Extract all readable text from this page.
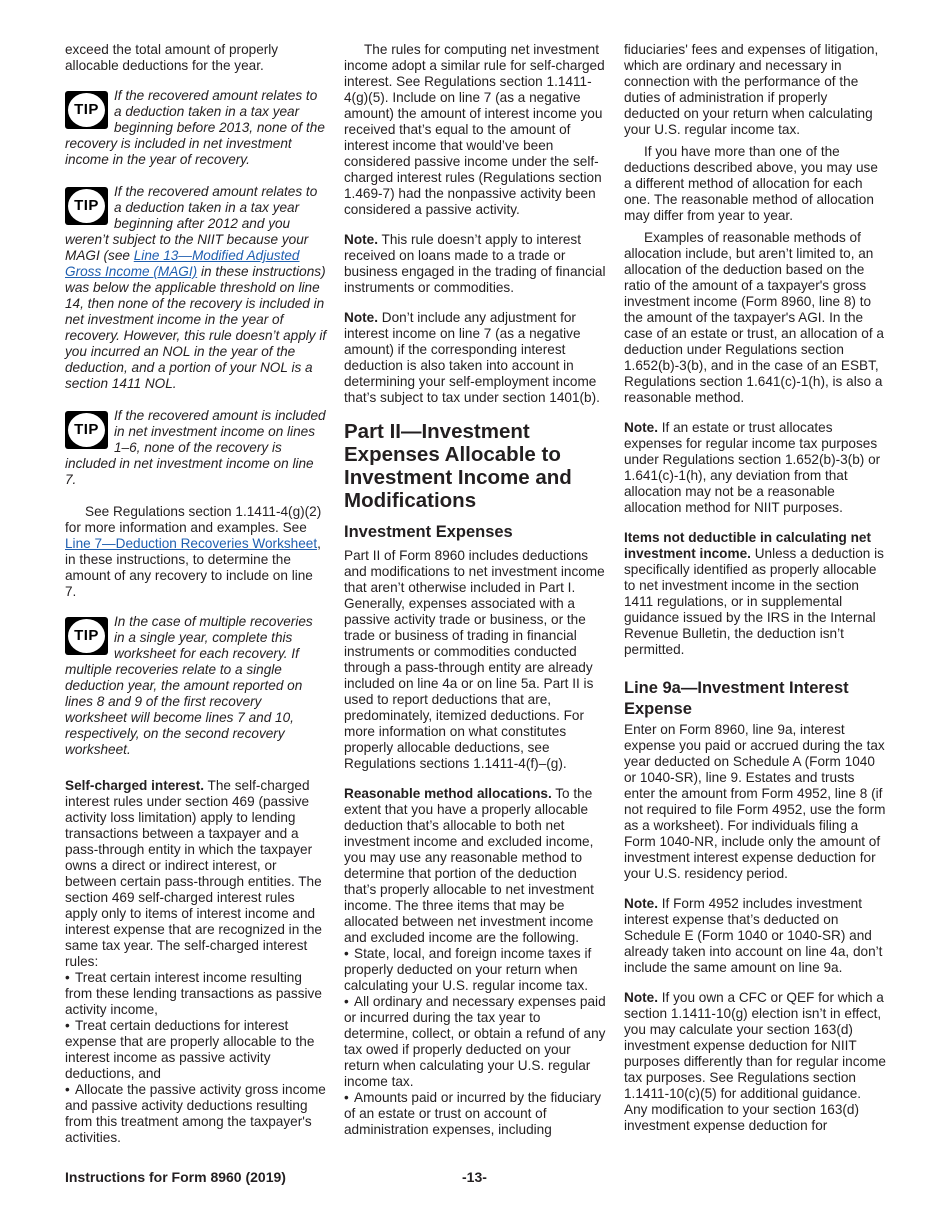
exceed the total amount of properly allocable deductions for the year.

TIP
If the recovered amount relates to a deduction taken in a tax year beginning before 2013, none of the recovery is included in net investment income in the year of recovery.
TIP
If the recovered amount relates to a deduction taken in a tax year beginning after 2012 and you weren’t subject to the NIIT because your MAGI (see Line 13—Modified Adjusted Gross Income (MAGI) in these instructions) was below the applicable threshold on line 14, then none of the recovery is included in net investment income in the year of recovery. However, this rule doesn’t apply if you incurred an NOL in the year of the deduction, and a portion of your NOL is a section 1411 NOL.
TIP
If the recovered amount is included in net investment income on lines 1–6, none of the recovery is included in net investment income on line 7.

See Regulations section 1.1411-4(g)(2) for more information and examples. See Line 7—Deduction Recoveries Worksheet, in these instructions, to determine the amount of any recovery to include on line 7.

TIP
In the case of multiple recoveries in a single year, complete this worksheet for each recovery. If multiple recoveries relate to a single deduction year, the amount reported on lines 8 and 9 of the first recovery worksheet will become lines 7 and 10, respectively, on the second recovery worksheet.

Self-charged interest. The self-charged interest rules under section 469 (passive activity loss limitation) apply to lending transactions between a taxpayer and a pass-through entity in which the taxpayer owns a direct or indirect interest, or between certain pass-through entities. The section 469 self-charged interest rules apply only to items of interest income and interest expense that are recognized in the same tax year. The self-charged interest rules:

• Treat certain interest income resulting from these lending transactions as passive activity income,
• Treat certain deductions for interest expense that are properly allocable to the interest income as passive activity deductions, and
• Allocate the passive activity gross income and passive activity deductions resulting from this treatment among the taxpayer's activities.

The rules for computing net investment income adopt a similar rule for self-charged interest. See Regulations section 1.1411-4(g)(5). Include on line 7 (as a negative amount) the amount of interest income you received that’s equal to the amount of interest income that would’ve been considered passive income under the self-charged interest rules (Regulations section 1.469-7) had the nonpassive activity been considered a passive activity.

Note. This rule doesn’t apply to interest received on loans made to a trade or business engaged in the trading of financial instruments or commodities.

Note. Don’t include any adjustment for interest income on line 7 (as a negative amount) if the corresponding interest deduction is also taken into account in determining your self-employment income that’s subject to tax under section 1401(b).

Part II—Investment Expenses Allocable to Investment Income and Modifications
Investment Expenses

Part II of Form 8960 includes deductions and modifications to net investment income that aren’t otherwise included in Part I. Generally, expenses associated with a passive activity trade or business, or the trade or business of trading in financial instruments or commodities conducted through a pass-through entity are already included on line 4a or on line 5a. Part II is used to report deductions that are, predominately, itemized deductions. For more information on what constitutes properly allocable deductions, see Regulations sections 1.1411-4(f)–(g).

Reasonable method allocations. To the extent that you have a properly allocable deduction that’s allocable to both net investment income and excluded income, you may use any reasonable method to determine that portion of the deduction that’s properly allocable to net investment income. The three items that may be allocated between net investment income and excluded income are the following.

• State, local, and foreign income taxes if properly deducted on your return when calculating your U.S. regular income tax.
• All ordinary and necessary expenses paid or incurred during the tax year to determine, collect, or obtain a refund of any tax owed if properly deducted on your return when calculating your U.S. regular income tax.
• Amounts paid or incurred by the fiduciary of an estate or trust on account of administration expenses, including

fiduciaries' fees and expenses of litigation, which are ordinary and necessary in connection with the performance of the duties of administration if properly deducted on your return when calculating your U.S. regular income tax.

If you have more than one of the deductions described above, you may use a different method of allocation for each one. The reasonable method of allocation may differ from year to year.

Examples of reasonable methods of allocation include, but aren’t limited to, an allocation of the deduction based on the ratio of the amount of a taxpayer's gross investment income (Form 8960, line 8) to the amount of the taxpayer's AGI. In the case of an estate or trust, an allocation of a deduction under Regulations section 1.652(b)-3(b), and in the case of an ESBT, Regulations section 1.641(c)-1(h), is also a reasonable method.

Note. If an estate or trust allocates expenses for regular income tax purposes under Regulations section 1.652(b)-3(b) or 1.641(c)-1(h), any deviation from that allocation may not be a reasonable allocation method for NIIT purposes.

Items not deductible in calculating net investment income. Unless a deduction is specifically identified as properly allocable to net investment income in the section 1411 regulations, or in supplemental guidance issued by the IRS in the Internal Revenue Bulletin, the deduction isn’t permitted.

Line 9a—Investment Interest Expense

Enter on Form 8960, line 9a, interest expense you paid or accrued during the tax year deducted on Schedule A (Form 1040 or 1040-SR), line 9. Estates and trusts enter the amount from Form 4952, line 8 (if not required to file Form 4952, use the form as a worksheet). For individuals filing a Form 1040-NR, include only the amount of investment interest expense deduction for your U.S. residency period.

Note. If Form 4952 includes investment interest expense that’s deducted on Schedule E (Form 1040 or 1040-SR) and already taken into account on line 4a, don’t include the same amount on line 9a.

Note. If you own a CFC or QEF for which a section 1.1411-10(g) election isn’t in effect, you may calculate your section 163(d) investment expense deduction for NIIT purposes differently than for regular income tax purposes. See Regulations section 1.1411-10(c)(5) for additional guidance. Any modification to your section 163(d) investment expense deduction for

Instructions for Form 8960 (2019)	-13-
